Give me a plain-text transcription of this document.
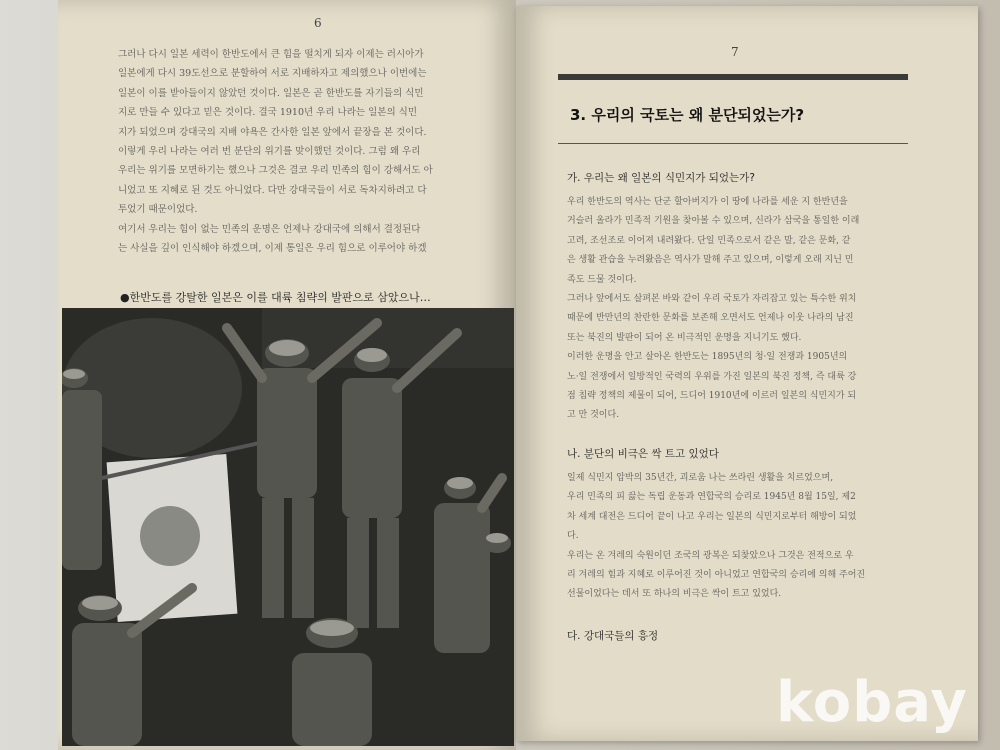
6
그러나 다시 일본 세력이 한반도에서 큰 힘을 떨치게 되자 이제는 러시아가
일본에게 다시 39도선으로 분할하여 서로 지배하자고 제의했으나 이번에는
일본이 이를 받아들이지 않았던 것이다. 일본은 곧 한반도를 자기들의 식민
지로 만들 수 있다고 믿은 것이다. 결국 1910년 우리 나라는 일본의 식민
지가 되었으며 강대국의 지배 야욕은 간사한 일본 앞에서 끝장을 본 것이다.
이렇게 우리 나라는 여러 번 분단의 위기를 맞이했던 것이다. 그럼 왜 우리
우리는 위기를 모면하기는 했으나 그것은 결코 우리 민족의 힘이 강해서도 아
니었고 또 지혜로 된 것도 아니었다. 다만 강대국들이 서로 독차지하려고 다
투었기 때문이었다.
여기서 우리는 힘이 없는 민족의 운명은 언제나 강대국에 의해서 결정된다
는 사실을 깊이 인식해야 하겠으며, 이제 통일은 우리 힘으로 이루어야 하겠
●한반도를 강탈한 일본은 이를 대륙 침략의 발판으로 삼았으나…
7
3. 우리의 국토는 왜 분단되었는가?
가. 우리는 왜 일본의 식민지가 되었는가?
우리 한반도의 역사는 단군 할아버지가 이 땅에 나라를 세운 지 한반년을
거슬러 올라가 민족적 기원을 찾아볼 수 있으며, 신라가 삼국을 통일한 이래
고려, 조선조로 이어져 내려왔다. 단일 민족으로서 같은 말, 같은 문화, 같
은 생활 관습을 누려왔음은 역사가 말해 주고 있으며, 이렇게 오래 지닌 민
족도 드물 것이다.
그러나 앞에서도 살펴본 바와 같이 우리 국토가 자리잡고 있는 특수한 위치
때문에 반만년의 찬란한 문화를 보존해 오면서도 언제나 이웃 나라의 남진
또는 북진의 발판이 되어 온 비극적인 운명을 지니기도 했다.
이러한 운명을 안고 살아온 한반도는 1895년의 청·일 전쟁과 1905년의
노·일 전쟁에서 일방적인 국력의 우위를 가진 일본의 북진 정책, 즉 대륙 강
점 침략 정책의 제물이 되어, 드디어 1910년에 이르러 일본의 식민지가 되
고 만 것이다.
나. 분단의 비극은 싹 트고 있었다
일제 식민지 압박의 35년간, 괴로움 나는 쓰라린 생활을 치르었으며,
우리 민족의 피 끓는 독립 운동과 연합국의 승리로 1945년 8월 15일, 제2
차 세계 대전은 드디어 끝이 나고 우리는 일본의 식민지로부터 해방이 되었
다.
우리는 온 겨레의 숙원이던 조국의 광복은 되찾았으나 그것은 전적으로 우
리 겨레의 힘과 지혜로 이루어진 것이 아니었고 연합국의 승리에 의해 주어진
선물이었다는 데서 또 하나의 비극은 싹이 트고 있었다.
다. 강대국들의 흥정
kobay
